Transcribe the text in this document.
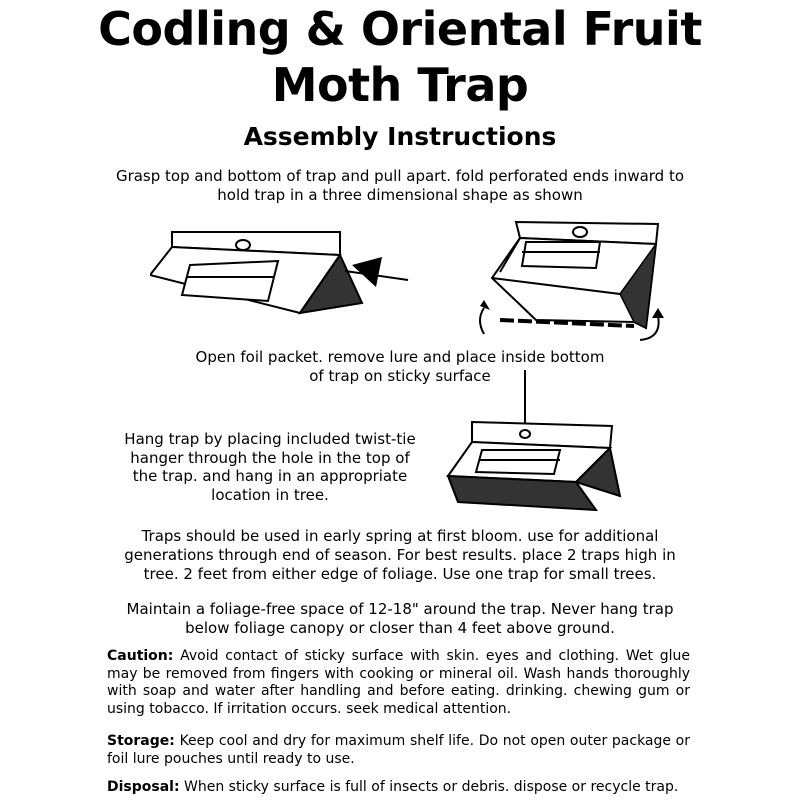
Codling & Oriental Fruit
Moth Trap
Assembly Instructions
Grasp top and bottom of trap and pull apart. fold perforated ends inward to
hold trap in a three dimensional shape as shown
Open foil packet. remove lure and place inside bottom
of trap on sticky surface
Hang trap by placing included twist-tie
hanger through the hole in the top of
the trap. and hang in an appropriate
location in tree.
Traps should be used in early spring at first bloom. use for additional
generations through end of season. For best results. place 2 traps high in
tree. 2 feet from either edge of foliage. Use one trap for small trees.
Maintain a foliage-free space of 12-18" around the trap. Never hang trap
below foliage canopy or closer than 4 feet above ground.
Caution: Avoid contact of sticky surface with skin. eyes and clothing. Wet glue may be removed from fingers with cooking or mineral oil. Wash hands thoroughly with soap and water after handling and before eating. drinking. chewing gum or using tobacco. If irritation occurs. seek medical attention.
Storage: Keep cool and dry for maximum shelf life. Do not open outer package or foil lure pouches until ready to use.
Disposal: When sticky surface is full of insects or debris. dispose or recycle trap.
